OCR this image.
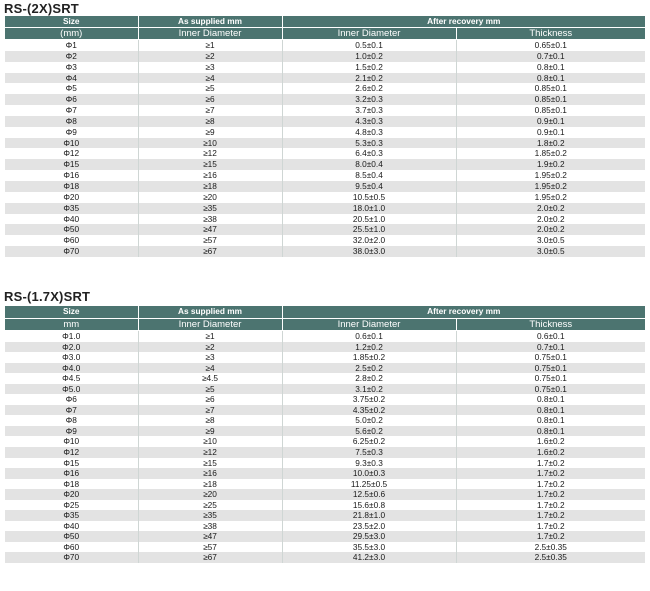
RS-(2X)SRT
Size	As supplied mm	After recovery mm	
(mm)	Inner Diameter	Inner Diameter	Thickness
Φ1	≥1	0.5±0.1	0.65±0.1
Φ2	≥2	1.0±0.2	0.7±0.1
Φ3	≥3	1.5±0.2	0.8±0.1
Φ4	≥4	2.1±0.2	0.8±0.1
Φ5	≥5	2.6±0.2	0.85±0.1
Φ6	≥6	3.2±0.3	0.85±0.1
Φ7	≥7	3.7±0.3	0.85±0.1
Φ8	≥8	4.3±0.3	0.9±0.1
Φ9	≥9	4.8±0.3	0.9±0.1
Φ10	≥10	5.3±0.3	1.8±0.2
Φ12	≥12	6.4±0.3	1.85±0.2
Φ15	≥15	8.0±0.4	1.9±0.2
Φ16	≥16	8.5±0.4	1.95±0.2
Φ18	≥18	9.5±0.4	1.95±0.2
Φ20	≥20	10.5±0.5	1.95±0.2
Φ35	≥35	18.0±1.0	2.0±0.2
Φ40	≥38	20.5±1.0	2.0±0.2
Φ50	≥47	25.5±1.0	2.0±0.2
Φ60	≥57	32.0±2.0	3.0±0.5
Φ70	≥67	38.0±3.0	3.0±0.5
RS-(1.7X)SRT
Size	As supplied mm	After recovery mm	
mm	Inner Diameter	Inner Diameter	Thickness
Φ1.0	≥1	0.6±0.1	0.6±0.1
Φ2.0	≥2	1.2±0.2	0.7±0.1
Φ3.0	≥3	1.85±0.2	0.75±0.1
Φ4.0	≥4	2.5±0.2	0.75±0.1
Φ4.5	≥4.5	2.8±0.2	0.75±0.1
Φ5.0	≥5	3.1±0.2	0.75±0.1
Φ6	≥6	3.75±0.2	0.8±0.1
Φ7	≥7	4.35±0.2	0.8±0.1
Φ8	≥8	5.0±0.2	0.8±0.1
Φ9	≥9	5.6±0.2	0.8±0.1
Φ10	≥10	6.25±0.2	1.6±0.2
Φ12	≥12	7.5±0.3	1.6±0.2
Φ15	≥15	9.3±0.3	1.7±0.2
Φ16	≥16	10.0±0.3	1.7±0.2
Φ18	≥18	11.25±0.5	1.7±0.2
Φ20	≥20	12.5±0.6	1.7±0.2
Φ25	≥25	15.6±0.8	1.7±0.2
Φ35	≥35	21.8±1.0	1.7±0.2
Φ40	≥38	23.5±2.0	1.7±0.2
Φ50	≥47	29.5±3.0	1.7±0.2
Φ60	≥57	35.5±3.0	2.5±0.35
Φ70	≥67	41.2±3.0	2.5±0.35
